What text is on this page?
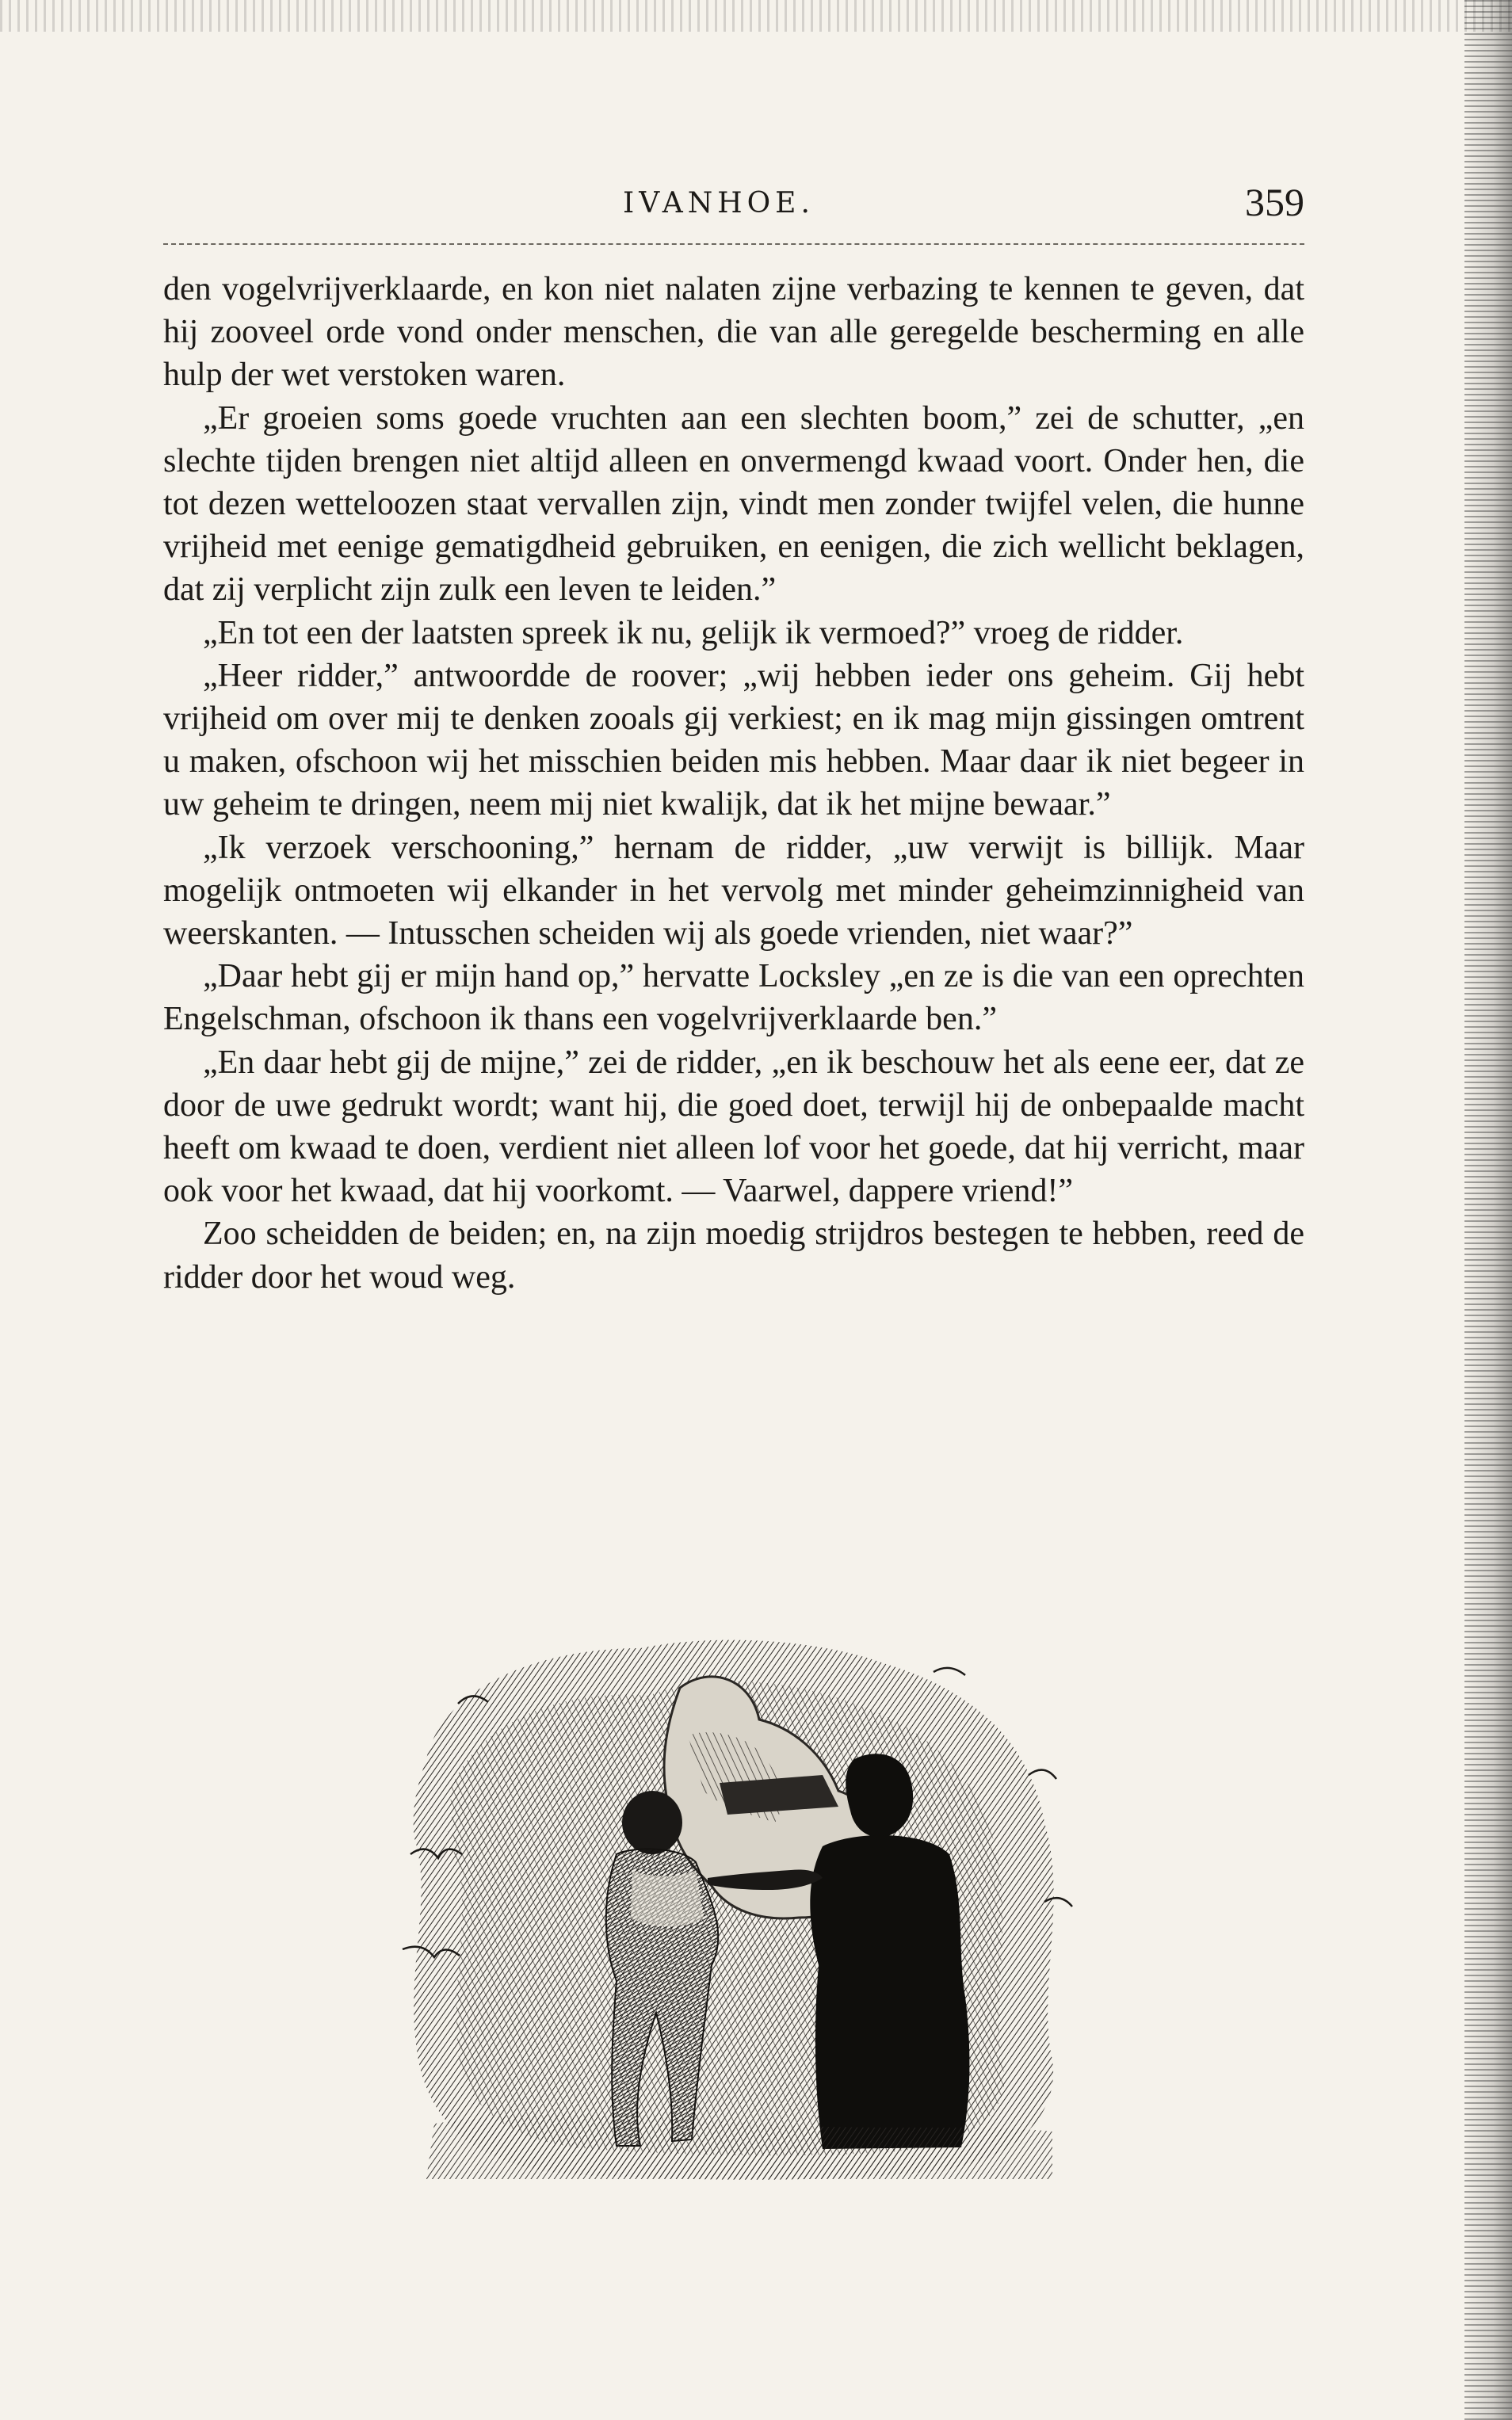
IVANHOE.	359

den vogelvrijverklaarde, en kon niet nalaten zijne verbazing te kennen te geven, dat hij zooveel orde vond onder menschen, die van alle geregelde bescherming en alle hulp der wet verstoken waren.

„Er groeien soms goede vruchten aan een slechten boom,” zei de schutter, „en slechte tijden brengen niet altijd alleen en onvermengd kwaad voort. Onder hen, die tot dezen wetteloozen staat vervallen zijn, vindt men zonder twijfel velen, die hunne vrijheid met eenige gematigdheid gebruiken, en eenigen, die zich wellicht beklagen, dat zij verplicht zijn zulk een leven te leiden.”

„En tot een der laatsten spreek ik nu, gelijk ik vermoed?” vroeg de ridder.

„Heer ridder,” antwoordde de roover; „wij hebben ieder ons geheim. Gij hebt vrijheid om over mij te denken zooals gij verkiest; en ik mag mijn gissingen omtrent u maken, ofschoon wij het misschien beiden mis hebben. Maar daar ik niet begeer in uw geheim te dringen, neem mij niet kwalijk, dat ik het mijne bewaar.”

„Ik verzoek verschooning,” hernam de ridder, „uw verwijt is billijk. Maar mogelijk ontmoeten wij elkander in het vervolg met minder geheimzinnigheid van weerskanten. — Intusschen scheiden wij als goede vrienden, niet waar?”

„Daar hebt gij er mijn hand op,” hervatte Locksley „en ze is die van een oprechten Engelschman, ofschoon ik thans een vogelvrijverklaarde ben.”

„En daar hebt gij de mijne,” zei de ridder, „en ik beschouw het als eene eer, dat ze door de uwe gedrukt wordt; want hij, die goed doet, terwijl hij de onbepaalde macht heeft om kwaad te doen, verdient niet alleen lof voor het goede, dat hij verricht, maar ook voor het kwaad, dat hij voorkomt. — Vaarwel, dappere vriend!”

Zoo scheidden de beiden; en, na zijn moedig strijdros bestegen te hebben, reed de ridder door het woud weg.
